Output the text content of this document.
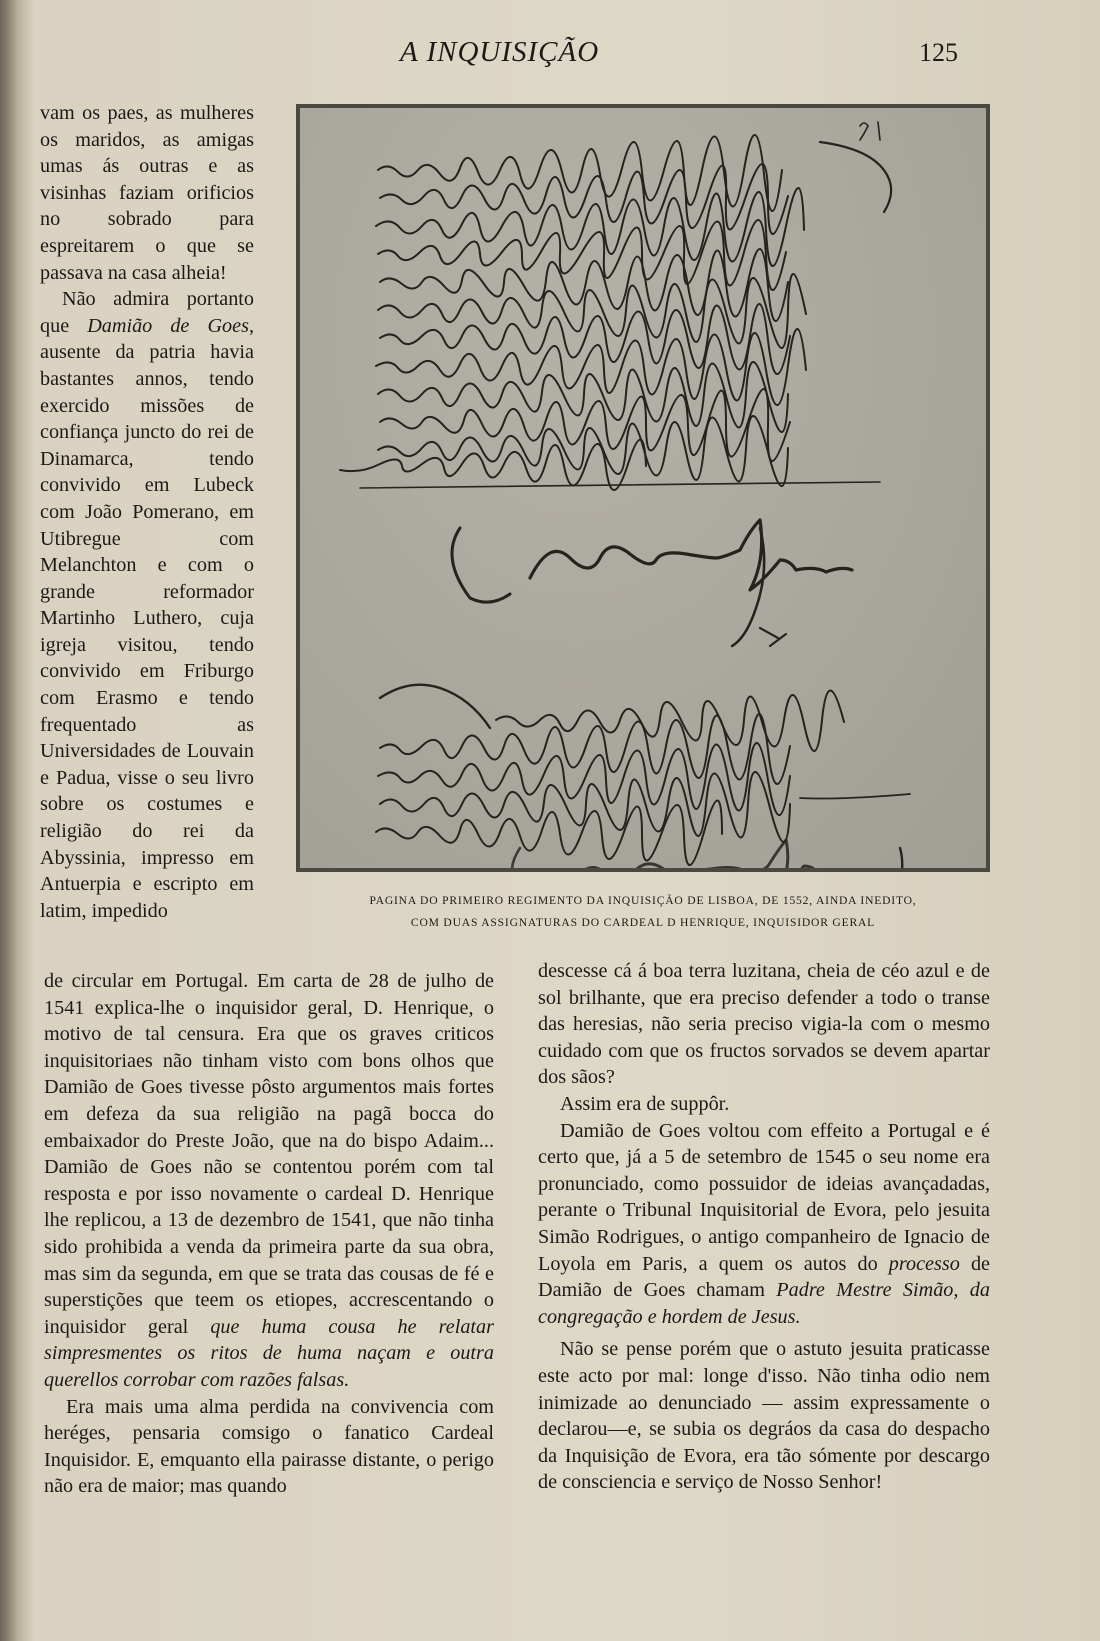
A INQUISIÇÃO	125

vam os paes, as mulheres os maridos, as amigas umas ás outras e as visinhas faziam orificios no sobrado para espreitarem o que se passava na casa alheia!

Não admira portanto que Damião de Goes, ausente da patria havia bastantes annos, tendo exercido missões de confiança juncto do rei de Dinamarca, tendo convivido em Lubeck com João Pomerano, em Utibregue com Melanchton e com o grande reformador Martinho Luthero, cuja igreja visitou, tendo convivido em Friburgo com Erasmo e tendo frequentado as Universidades de Louvain e Padua, visse o seu livro sobre os costumes e religião do rei da Abyssinia, impresso em Antuerpia e escripto em latim, impedido	PAGINA DO PRIMEIRO REGIMENTO DA INQUISIÇÃO DE LISBOA, DE 1552, AINDA INEDITO,
COM DUAS ASSIGNATURAS DO CARDEAL D HENRIQUE, INQUISIDOR GERAL

de circular em Portugal. Em carta de 28 de julho de 1541 explica-lhe o inquisidor geral, D. Henrique, o motivo de tal censura. Era que os graves criticos inquisitoriaes não tinham visto com bons olhos que Damião de Goes tivesse pôsto argumentos mais fortes em defeza da sua religião na pagã bocca do embaixador do Preste João, que na do bispo Adaim... Damião de Goes não se contentou porém com tal resposta e por isso novamente o cardeal D. Henrique lhe replicou, a 13 de dezembro de 1541, que não tinha sido prohibida a venda da primeira parte da sua obra, mas sim da segunda, em que se trata das cousas de fé e superstições que teem os etiopes, accrescentando o inquisidor geral que huma cousa he relatar simpresmentes os ritos de huma naçam e outra querellos corrobar com razões falsas.

Era mais uma alma perdida na convivencia com heréges, pensaria comsigo o fanatico Cardeal Inquisidor. E, emquanto ella pairasse distante, o perigo não era de maior; mas quando

descesse cá á boa terra luzitana, cheia de céo azul e de sol brilhante, que era preciso defender a todo o transe das heresias, não seria preciso vigia-la com o mesmo cuidado com que os fructos sorvados se devem apartar dos sãos?

Assim era de suppôr.

Damião de Goes voltou com effeito a Portugal e é certo que, já a 5 de setembro de 1545 o seu nome era pronunciado, como possuidor de ideias avançadadas, perante o Tribunal Inquisitorial de Evora, pelo jesuita Simão Rodrigues, o antigo companheiro de Ignacio de Loyola em Paris, a quem os autos do processo de Damião de Goes chamam Padre Mestre Simão, da congregação e hordem de Jesus.

Não se pense porém que o astuto jesuita praticasse este acto por mal: longe d'isso. Não tinha odio nem inimizade ao denunciado — assim expressamente o declarou—e, se subia os degráos da casa do despacho da Inquisição de Evora, era tão sómente por descargo de consciencia e serviço de Nosso Senhor!
